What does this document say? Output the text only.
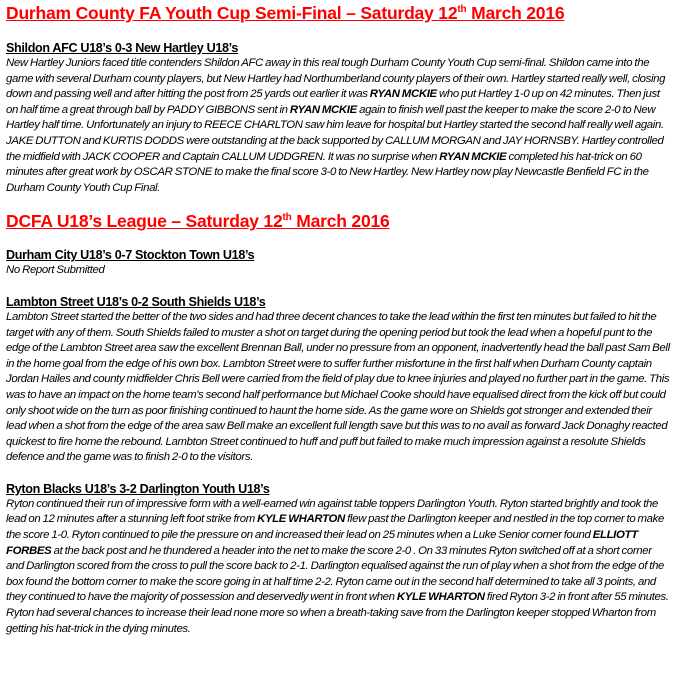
Durham County FA Youth Cup Semi-Final – Saturday 12th March 2016
Shildon AFC U18’s 0-3 New Hartley U18’s

New Hartley Juniors faced title contenders Shildon AFC away in this real tough Durham County Youth Cup semi-final. Shildon came into the game with several Durham county players, but New Hartley had Northumberland county players of their own. Hartley started really well, closing down and passing well and after hitting the post from 25 yards out earlier it was RYAN MCKIE who put Hartley 1-0 up on 42 minutes. Then just on half time a great through ball by PADDY GIBBONS sent in RYAN MCKIE again to finish well past the keeper to make the score 2-0 to New Hartley half time. Unfortunately an injury to REECE CHARLTON saw him leave for hospital but Hartley started the second half really well again. JAKE DUTTON and KURTIS DODDS were outstanding at the back supported by CALLUM MORGAN and JAY HORNSBY. Hartley controlled the midfield with JACK COOPER and Captain CALLUM UDDGREN. It was no surprise when RYAN MCKIE completed his hat-trick on 60 minutes after great work by OSCAR STONE to make the final score 3-0 to New Hartley. New Hartley now play Newcastle Benfield FC in the Durham County Youth Cup Final.

DCFA U18’s League – Saturday 12th March 2016
Durham City U18’s 0-7 Stockton Town U18’s

No Report Submitted

Lambton Street U18’s 0-2 South Shields U18’s

Lambton Street started the better of the two sides and had three decent chances to take the lead within the first ten minutes but failed to hit the target with any of them. South Shields failed to muster a shot on target during the opening period but took the lead when a hopeful punt to the edge of the Lambton Street area saw the excellent Brennan Ball, under no pressure from an opponent, inadvertently head the ball past Sam Bell in the home goal from the edge of his own box. Lambton Street were to suffer further misfortune in the first half when Durham County captain Jordan Hailes and county midfielder Chris Bell were carried from the field of play due to knee injuries and played no further part in the game. This was to have an impact on the home team's second half performance but Michael Cooke should have equalised direct from the kick off but could only shoot wide on the turn as poor finishing continued to haunt the home side. As the game wore on Shields got stronger and extended their lead when a shot from the edge of the area saw Bell make an excellent full length save but this was to no avail as forward Jack Donaghy reacted quickest to fire home the rebound. Lambton Street continued to huff and puff but failed to make much impression against a resolute Shields defence and the game was to finish 2-0 to the visitors.

Ryton Blacks U18’s 3-2 Darlington Youth U18’s

Ryton continued their run of impressive form with a well-earned win against table toppers Darlington Youth. Ryton started brightly and took the lead on 12 minutes after a stunning left foot strike from KYLE WHARTON flew past the Darlington keeper and nestled in the top corner to make the score 1-0. Ryton continued to pile the pressure on and increased their lead on 25 minutes when a Luke Senior corner found ELLIOTT FORBES at the back post and he thundered a header into the net to make the score 2-0 . On 33 minutes Ryton switched off at a short corner and Darlington scored from the cross to pull the score back to 2-1. Darlington equalised against the run of play when a shot from the edge of the box found the bottom corner to make the score going in at half time 2-2. Ryton came out in the second half determined to take all 3 points, and they continued to have the majority of possession and deservedly went in front when KYLE WHARTON fired Ryton 3-2 in front after 55 minutes. Ryton had several chances to increase their lead none more so when a breath-taking save from the Darlington keeper stopped Wharton from getting his hat-trick in the dying minutes.
